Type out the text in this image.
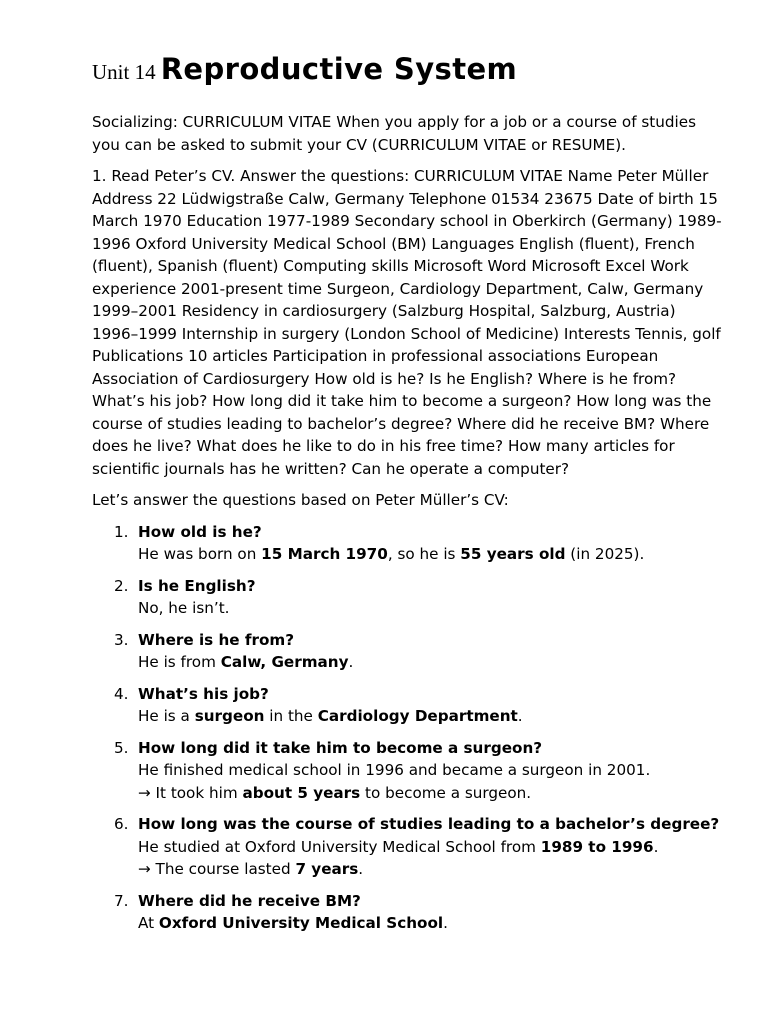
Unit 14 Reproductive System

Socializing: CURRICULUM VITAE When you apply for a job or a course of studies you can be asked to submit your CV (CURRICULUM VITAE or RESUME).

1. Read Peter’s CV. Answer the questions: CURRICULUM VITAE Name Peter Müller Address 22 Lüdwigstraße Calw, Germany Telephone 01534 23675 Date of birth 15 March 1970 Education 1977-1989 Secondary school in Oberkirch (Germany) 1989-1996 Oxford University Medical School (BM) Languages English (fluent), French (fluent), Spanish (fluent) Computing skills Microsoft Word Microsoft Excel Work experience 2001-present time Surgeon, Cardiology Department, Calw, Germany 1999–2001 Residency in cardiosurgery (Salzburg Hospital, Salzburg, Austria) 1996–1999 Internship in surgery (London School of Medicine) Interests Tennis, golf Publications 10 articles Participation in professional associations European Association of Cardiosurgery How old is he? Is he English? Where is he from? What’s his job? How long did it take him to become a surgeon? How long was the course of studies leading to bachelor’s degree? Where did he receive BM? Where does he live? What does he like to do in his free time? How many articles for scientific journals has he written? Can he operate a computer?

Let’s answer the questions based on Peter Müller’s CV:

1. How old is he?
He was born on 15 March 1970, so he is 55 years old (in 2025).
2. Is he English?
No, he isn’t.
3. Where is he from?
He is from Calw, Germany.
4. What’s his job?
He is a surgeon in the Cardiology Department.
5. How long did it take him to become a surgeon?
He finished medical school in 1996 and became a surgeon in 2001.
→ It took him about 5 years to become a surgeon.
6. How long was the course of studies leading to a bachelor’s degree?
He studied at Oxford University Medical School from 1989 to 1996.
→ The course lasted 7 years.
7. Where did he receive BM?
At Oxford University Medical School.
